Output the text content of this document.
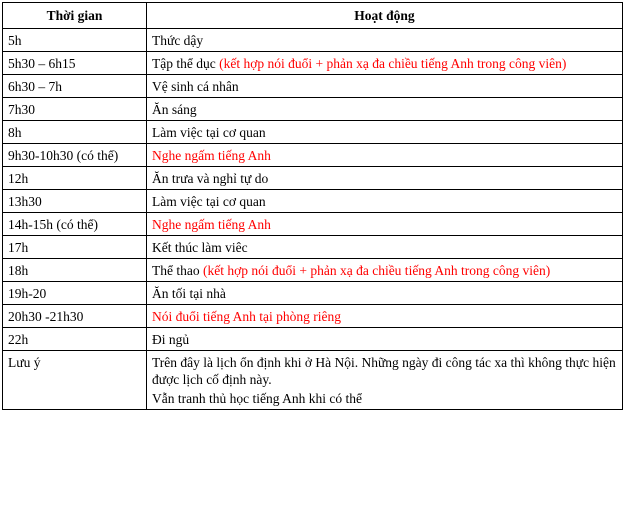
Thời gian	Hoạt động
5h	Thức dậy
5h30 – 6h15	Tập thể dục (kết hợp nói đuổi + phản xạ đa chiều tiếng Anh trong công viên)
6h30 – 7h	Vệ sinh cá nhân
7h30	Ăn sáng
8h	Làm việc tại cơ quan
9h30-10h30 (có thể)	Nghe ngấm tiếng Anh
12h	Ăn trưa và nghỉ tự do
13h30	Làm việc tại cơ quan
14h-15h (có thể)	Nghe ngấm tiếng Anh
17h	Kết thúc làm viêc
18h	Thể thao (kết hợp nói đuổi + phản xạ đa chiều tiếng Anh trong công viên)
19h-20	Ăn tối tại nhà
20h30 -21h30	Nói đuổi tiếng Anh tại phòng riêng
22h	Đi ngủ
Lưu ý	Trên đây là lịch ổn định khi ở Hà Nội. Những ngày đi công tác xa thì không thực hiện được lịch cố định này.

Vẫn tranh thủ học tiếng Anh khi có thể
